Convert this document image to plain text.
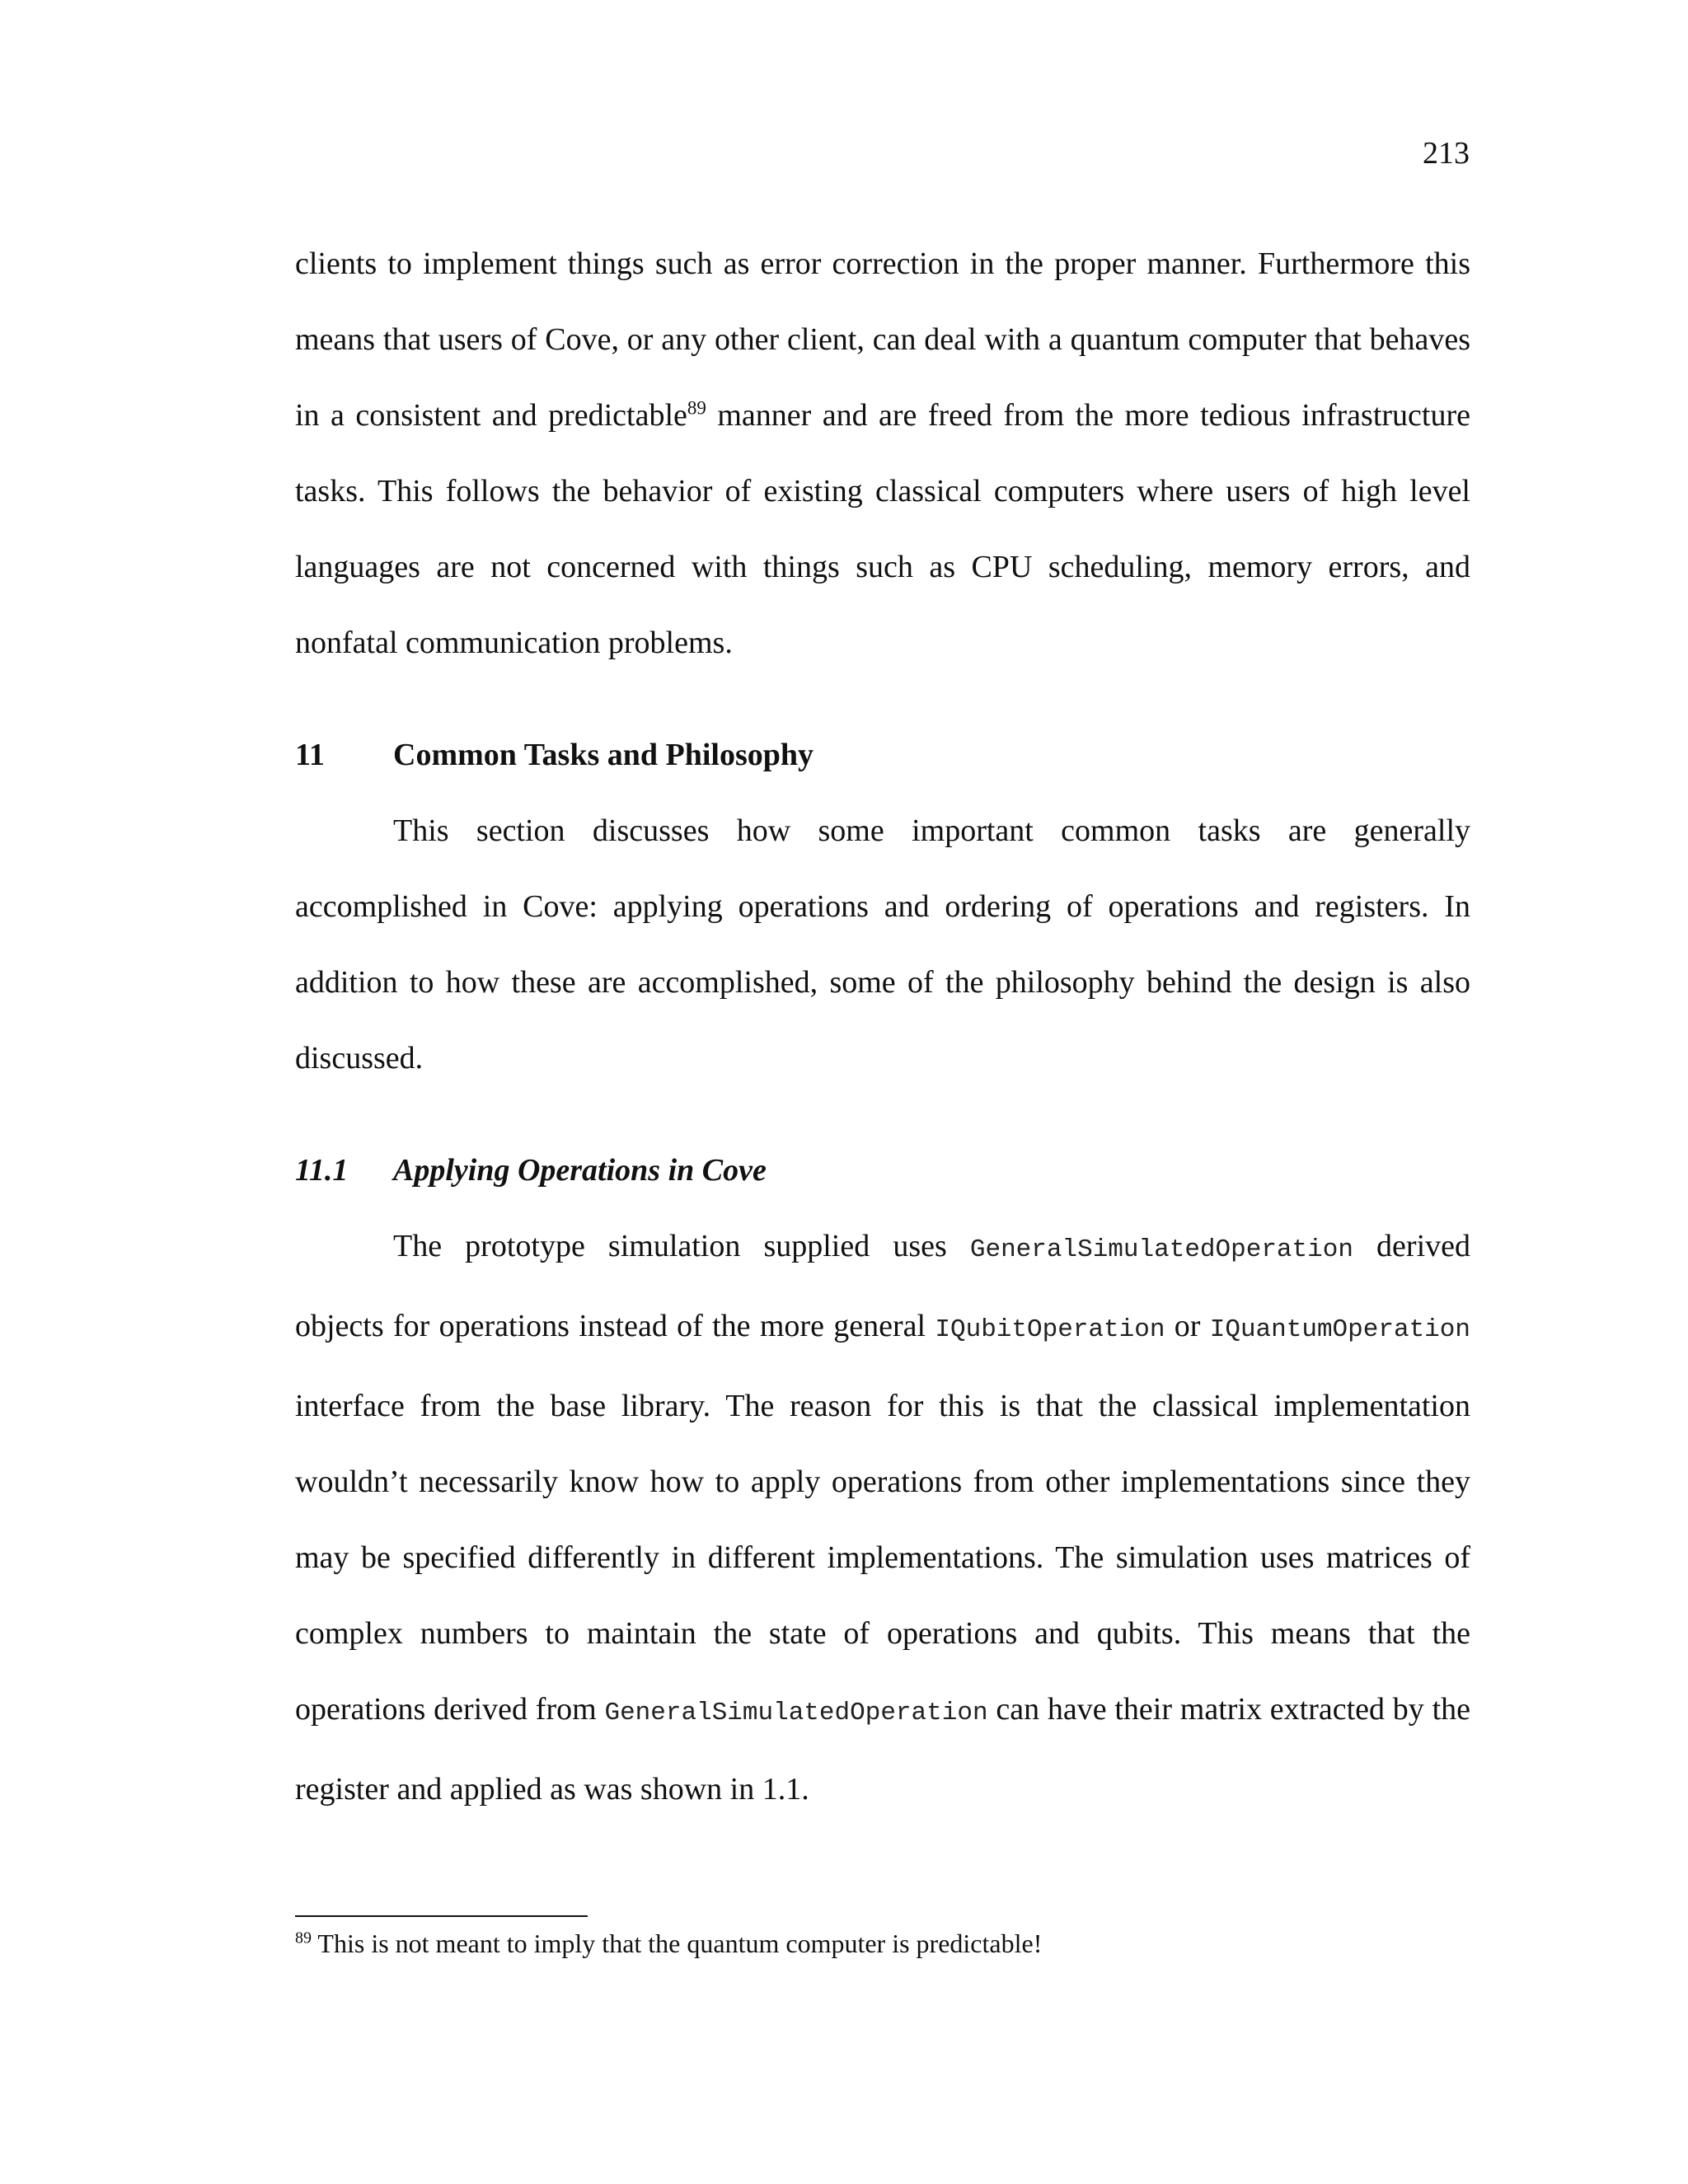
213

clients to implement things such as error correction in the proper manner. Furthermore this means that users of Cove, or any other client, can deal with a quantum computer that behaves in a consistent and predictable$^{89}$ manner and are freed from the more tedious infrastructure tasks. This follows the behavior of existing classical computers where users of high level languages are not concerned with things such as CPU scheduling, memory errors, and nonfatal communication problems.

11	Common Tasks and Philosophy

This section discusses how some important common tasks are generally accomplished in Cove: applying operations and ordering of operations and registers. In addition to how these are accomplished, some of the philosophy behind the design is also discussed.

11.1	Applying Operations in Cove

The prototype simulation supplied uses GeneralSimulatedOperation derived objects for operations instead of the more general IQubitOperation or IQuantumOperation interface from the base library. The reason for this is that the classical implementation wouldn’t necessarily know how to apply operations from other implementations since they may be specified differently in different implementations. The simulation uses matrices of complex numbers to maintain the state of operations and qubits. This means that the operations derived from GeneralSimulatedOperation can have their matrix extracted by the register and applied as was shown in 1.1.

$^{89}$ This is not meant to imply that the quantum computer is predictable!
